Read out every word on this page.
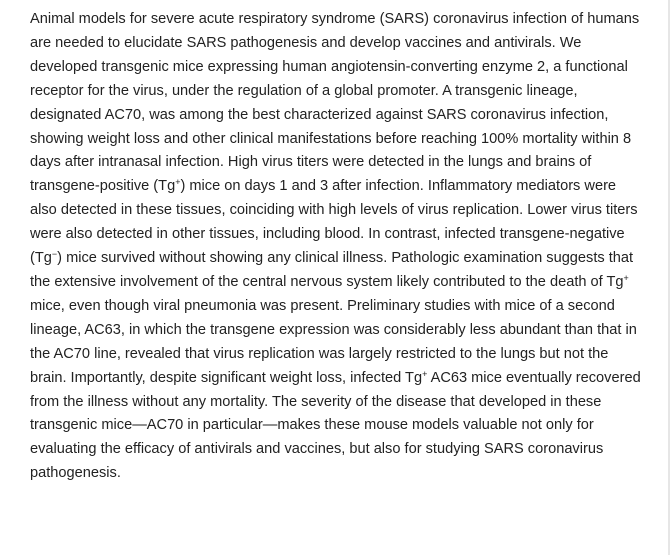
Animal models for severe acute respiratory syndrome (SARS) coronavirus infection of humans
are needed to elucidate SARS pathogenesis and develop vaccines and antivirals. We
developed transgenic mice expressing human angiotensin-converting enzyme 2, a functional
receptor for the virus, under the regulation of a global promoter. A transgenic lineage,
designated AC70, was among the best characterized against SARS coronavirus infection,
showing weight loss and other clinical manifestations before reaching 100% mortality within 8
days after intranasal infection. High virus titers were detected in the lungs and brains of
transgene-positive (Tg+) mice on days 1 and 3 after infection. Inflammatory mediators were
also detected in these tissues, coinciding with high levels of virus replication. Lower virus titers
were also detected in other tissues, including blood. In contrast, infected transgene-negative
(Tg−) mice survived without showing any clinical illness. Pathologic examination suggests that
the extensive involvement of the central nervous system likely contributed to the death of Tg+
mice, even though viral pneumonia was present. Preliminary studies with mice of a second
lineage, AC63, in which the transgene expression was considerably less abundant than that in
the AC70 line, revealed that virus replication was largely restricted to the lungs but not the
brain. Importantly, despite significant weight loss, infected Tg+ AC63 mice eventually recovered
from the illness without any mortality. The severity of the disease that developed in these
transgenic mice—AC70 in particular—makes these mouse models valuable not only for
evaluating the efficacy of antivirals and vaccines, but also for studying SARS coronavirus
pathogenesis.
